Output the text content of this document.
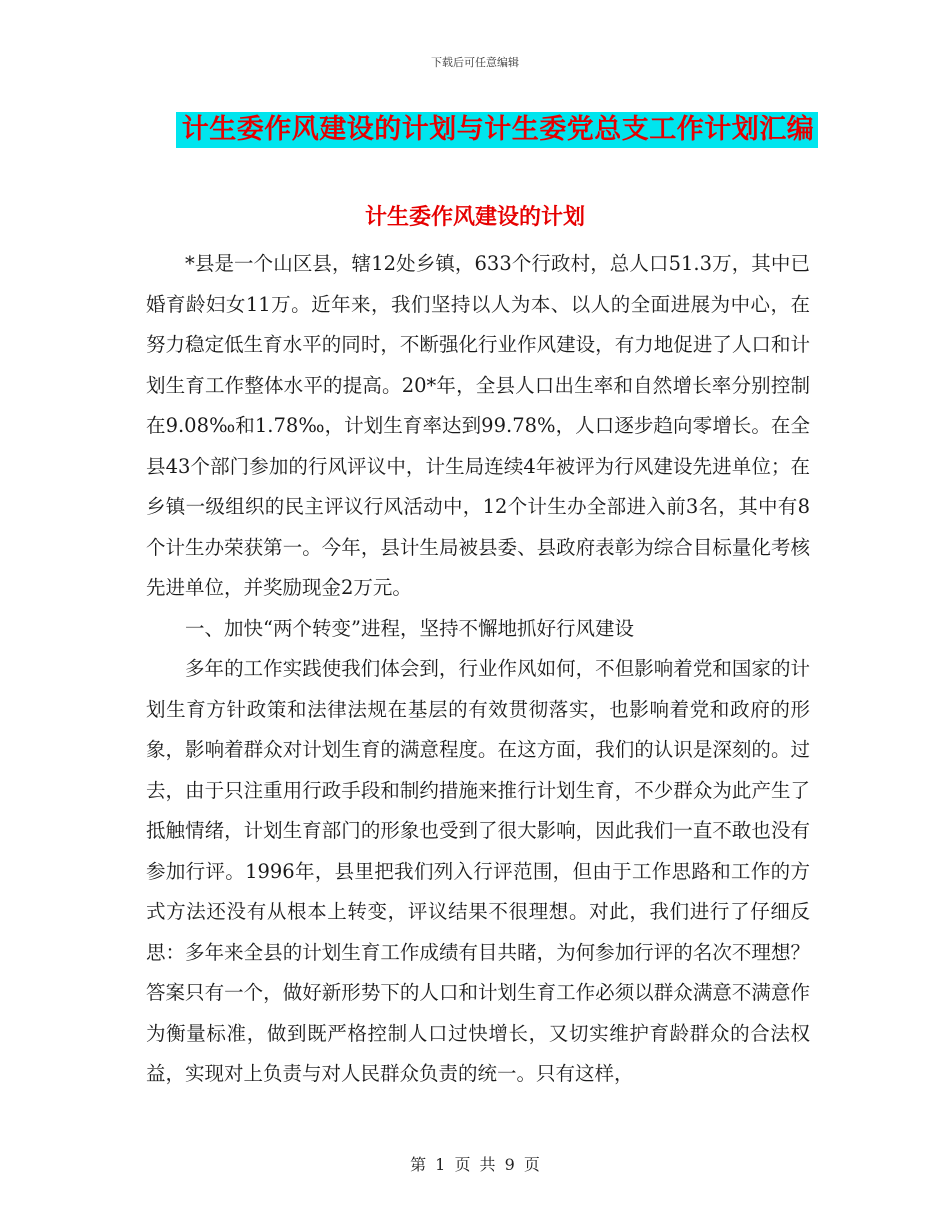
下载后可任意编辑
计生委作风建设的计划与计生委党总支工作计划汇编
计生委作风建设的计划

*县是一个山区县，辖12处乡镇，633个行政村，总人口51.3万，其中已婚育龄妇女11万。近年来，我们坚持以人为本、以人的全面进展为中心，在努力稳定低生育水平的同时，不断强化行业作风建设，有力地促进了人口和计划生育工作整体水平的提高。20*年，全县人口出生率和自然增长率分别控制在9.08‰和1.78‰，计划生育率达到99.78%，人口逐步趋向零增长。在全县43个部门参加的行风评议中，计生局连续4年被评为行风建设先进单位；在乡镇一级组织的民主评议行风活动中，12个计生办全部进入前3名，其中有8个计生办荣获第一。今年，县计生局被县委、县政府表彰为综合目标量化考核先进单位，并奖励现金2万元。

一、加快“两个转变”进程，坚持不懈地抓好行风建设

多年的工作实践使我们体会到，行业作风如何，不但影响着党和国家的计划生育方针政策和法律法规在基层的有效贯彻落实，也影响着党和政府的形象，影响着群众对计划生育的满意程度。在这方面，我们的认识是深刻的。过去，由于只注重用行政手段和制约措施来推行计划生育，不少群众为此产生了抵触情绪，计划生育部门的形象也受到了很大影响，因此我们一直不敢也没有参加行评。1996年，县里把我们列入行评范围，但由于工作思路和工作的方式方法还没有从根本上转变，评议结果不很理想。对此，我们进行了仔细反思：多年来全县的计划生育工作成绩有目共睹，为何参加行评的名次不理想？答案只有一个，做好新形势下的人口和计划生育工作必须以群众满意不满意作为衡量标准，做到既严格控制人口过快增长，又切实维护育龄群众的合法权益，实现对上负责与对人民群众负责的统一。只有这样，

第 1 页 共 9 页
